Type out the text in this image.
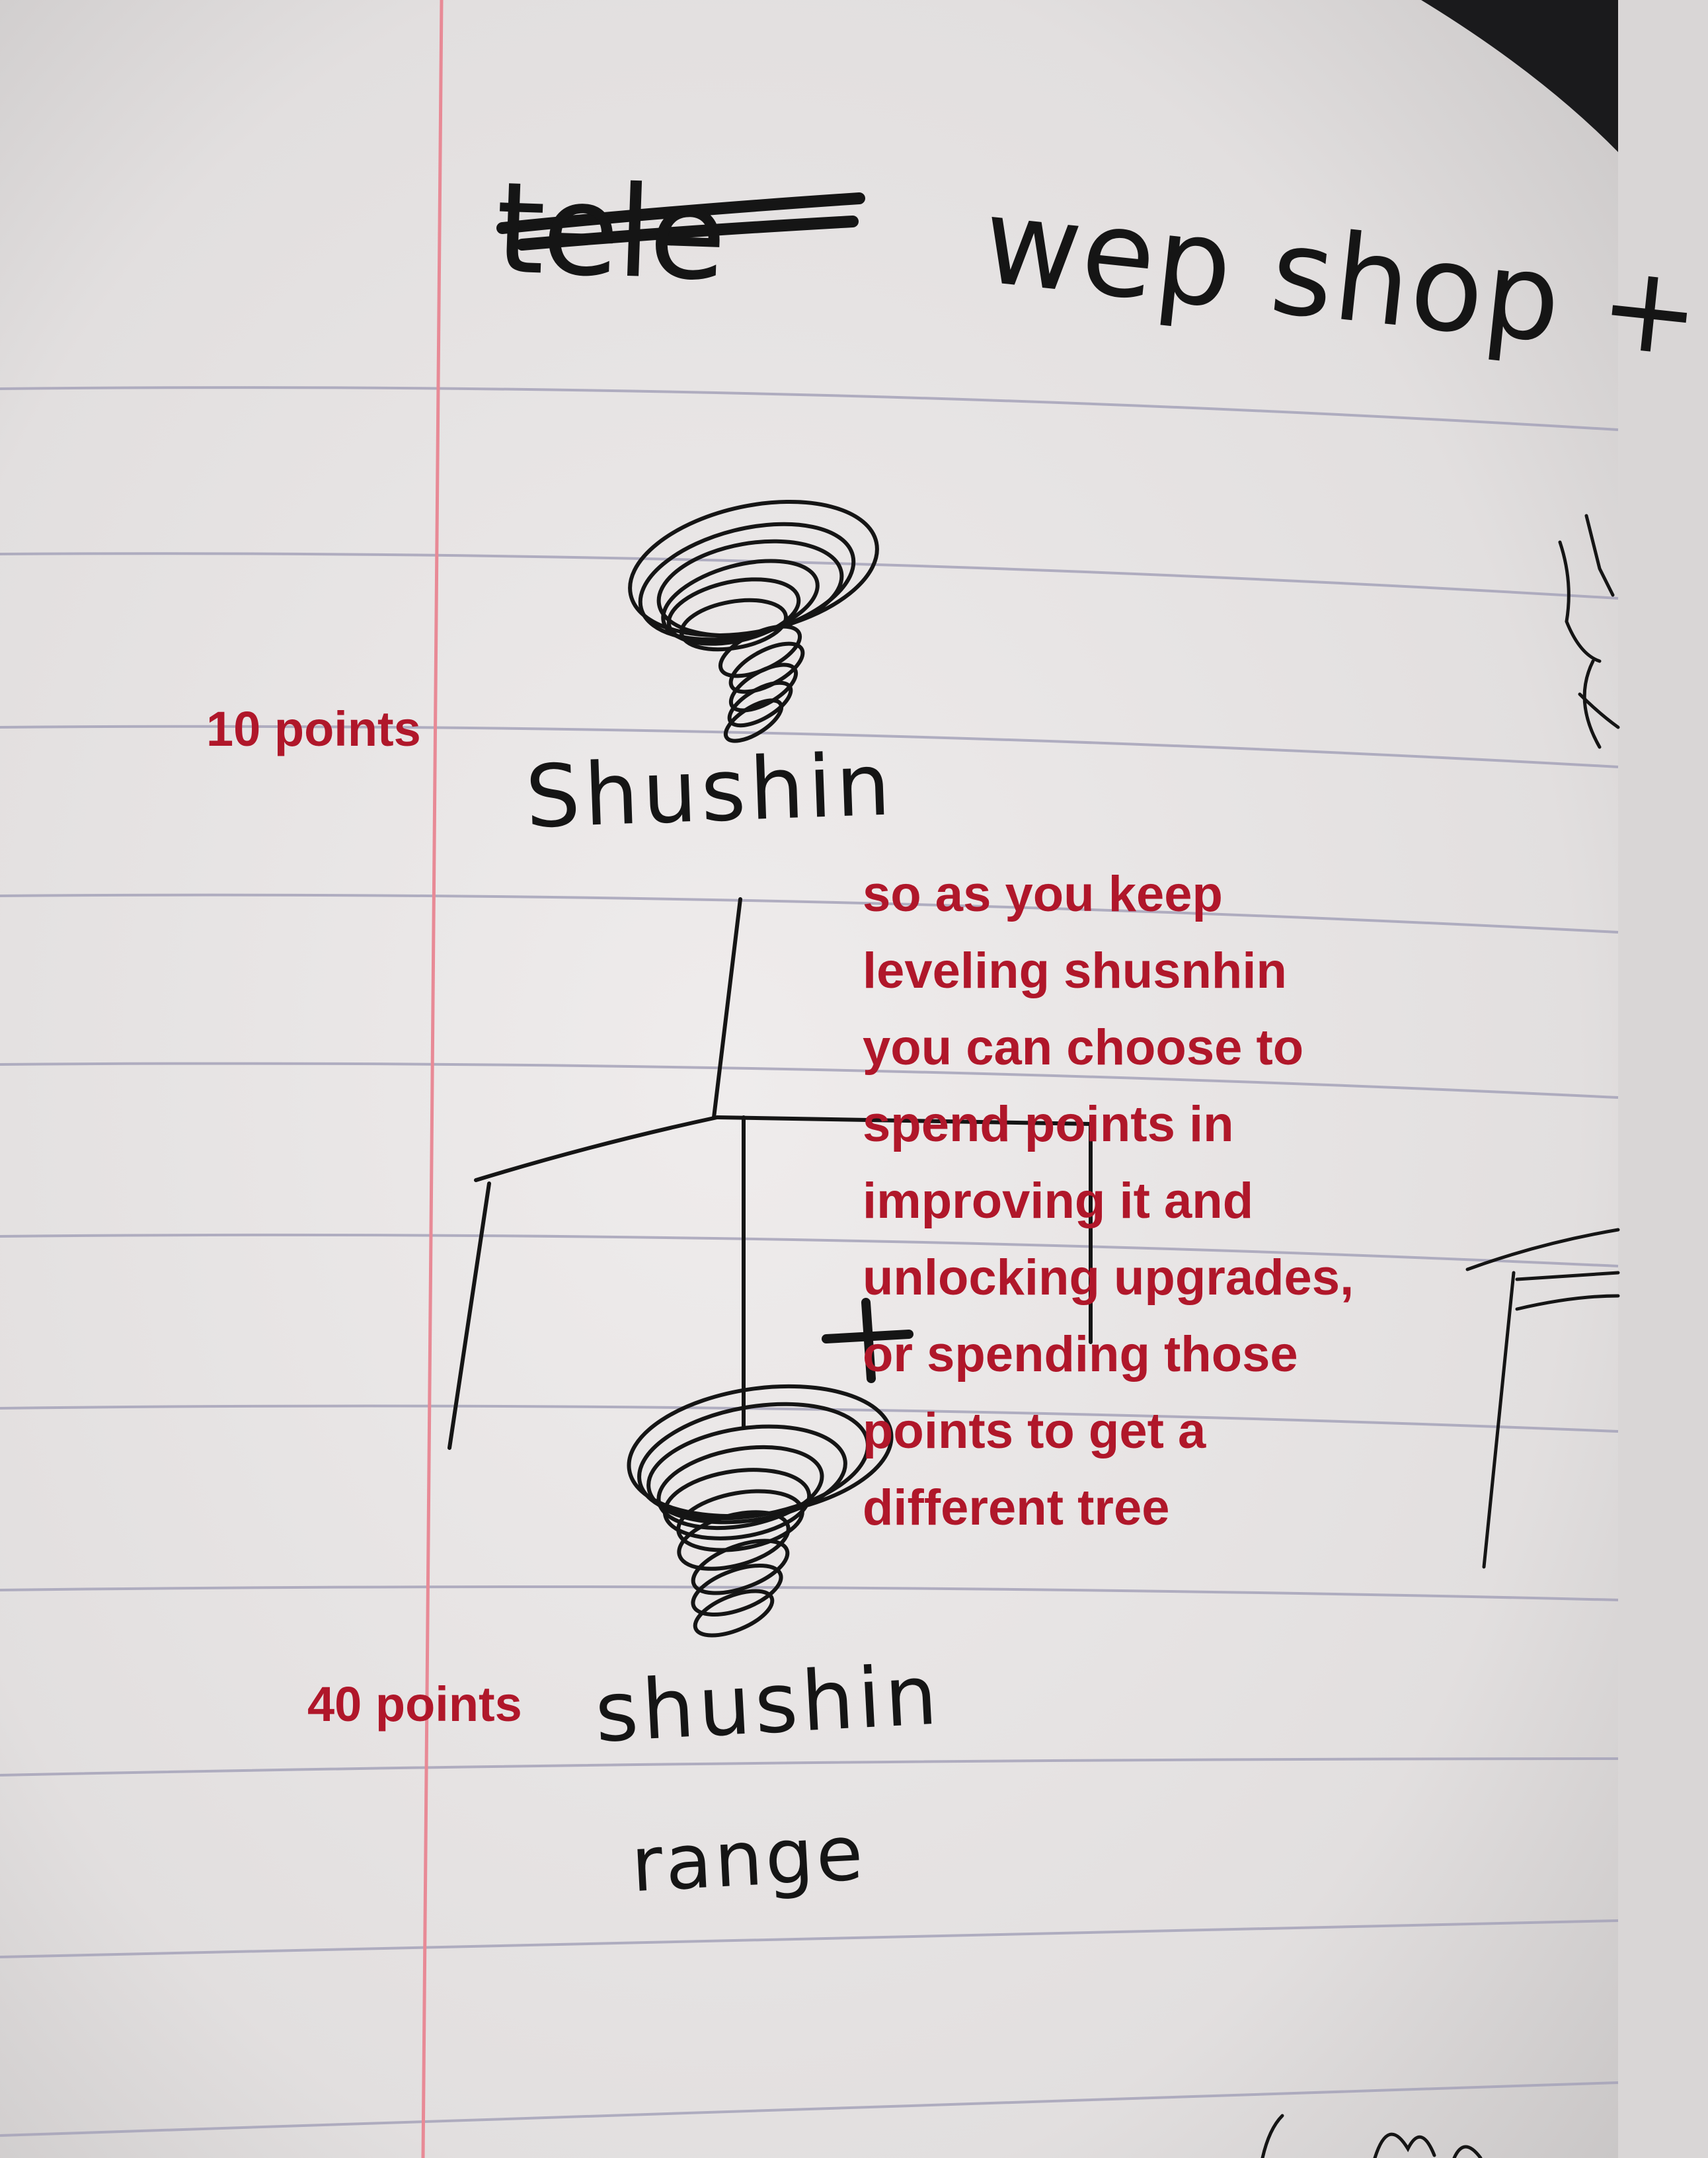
tele wep shop +
Shushin
shushin
range
10 points
40 points
so as you keep
leveling shusnhin
you can choose to
spend points in
improving it and
unlocking upgrades,
or spending those
points to get a
different tree
